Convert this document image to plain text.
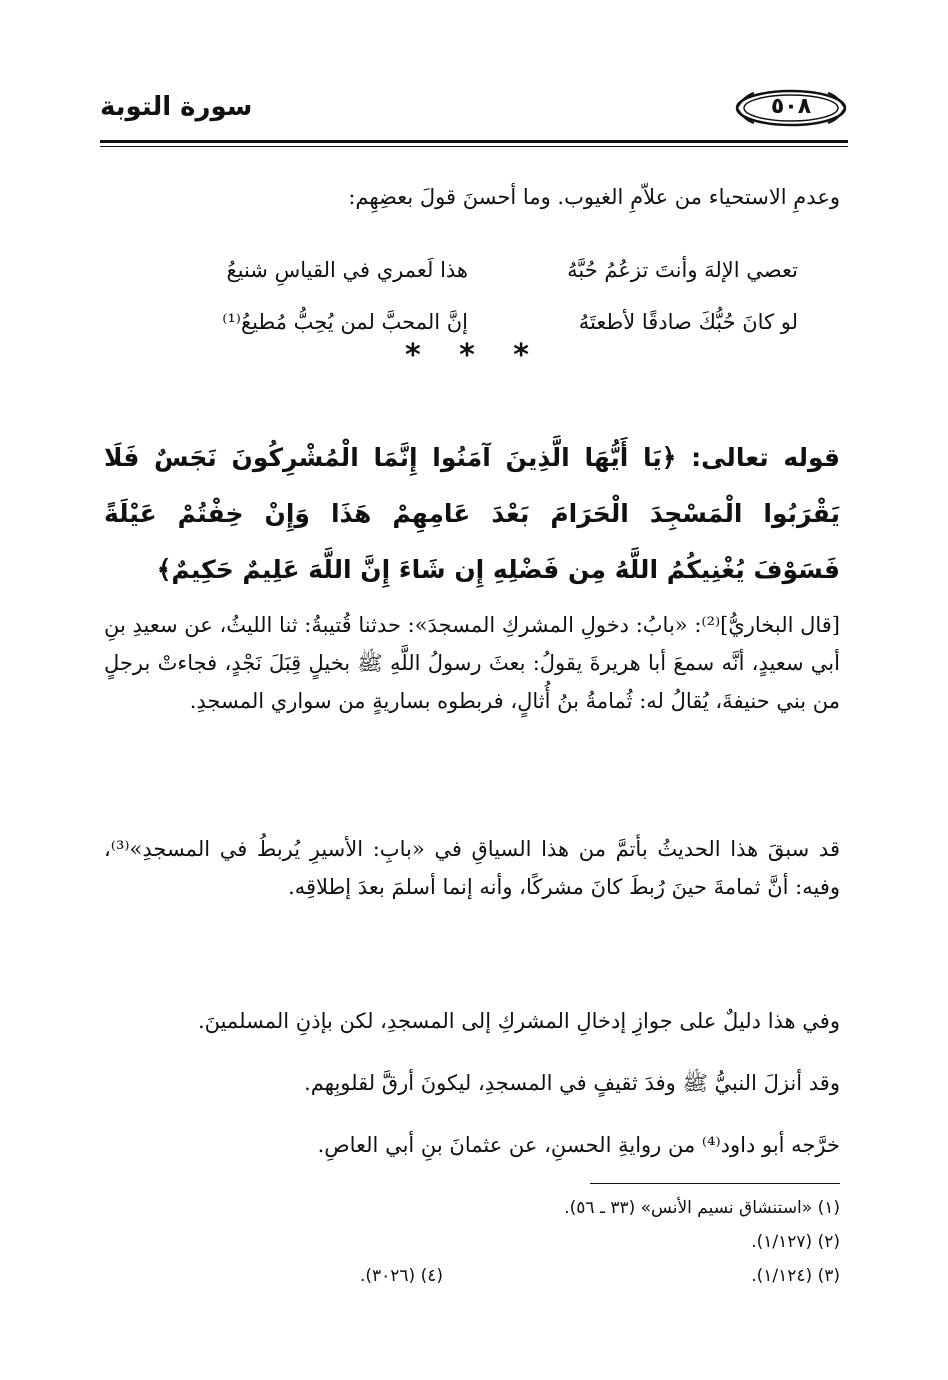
سورة التوبة	٥٠٨
وعدمِ الاستحياء من علاّمِ الغيوب. وما أحسنَ قولَ بعضِهِم:
تعصي الإلهَ وأنتَ تزعُمُ حُبَّهُ
هذا لَعمري في القياسِ شنيعُ
لو كانَ حُبُّكَ صادقًا لأطعتَهُ
إنَّ المحبَّ لمن يُحِبُّ مُطيعُ⁽¹⁾
* * *
قوله تعالى: ﴿يَا أَيُّهَا الَّذِينَ آمَنُوا إِنَّمَا الْمُشْرِكُونَ نَجَسٌ فَلَا
يَقْرَبُوا الْمَسْجِدَ الْحَرَامَ بَعْدَ عَامِهِمْ هَذَا وَإِنْ خِفْتُمْ عَيْلَةً
فَسَوْفَ يُغْنِيكُمُ اللَّهُ مِن فَضْلِهِ إِن شَاءَ إِنَّ اللَّهَ عَلِيمٌ حَكِيمٌ﴾
[قال البخاريُّ]⁽²⁾: «بابُ: دخولِ المشركِ المسجدَ»: حدثنا قُتيبةُ: ثنا الليثُ، عن سعيدِ بنِ أبي سعيدٍ، أنَّه سمعَ أبا هريرةَ يقولُ: بعثَ رسولُ اللَّهِ ﷺ بخيلٍ قِبَلَ نَجْدٍ، فجاءتْ برجلٍ من بني حنيفةَ، يُقالُ له: ثُمامةُ بنُ أُثالٍ، فربطوه بساريةٍ من سواري المسجدِ.
قد سبقَ هذا الحديثُ بأتمَّ من هذا السياقِ في «بابِ: الأسيرِ يُربطُ في المسجدِ»⁽³⁾، وفيه: أنَّ ثمامةَ حينَ رُبطَ كانَ مشركًا، وأنه إنما أسلمَ بعدَ إطلاقِه.
وفي هذا دليلٌ على جوازِ إدخالِ المشركِ إلى المسجدِ، لكن بإذنِ المسلمينَ.
وقد أنزلَ النبيُّ ﷺ وفدَ ثقيفٍ في المسجدِ، ليكونَ أرقَّ لقلوبِهم.
خرَّجه أبو داود⁽⁴⁾ من روايةِ الحسنِ، عن عثمانَ بنِ أبي العاصِ.
(١) «استنشاق نسيم الأنس» (٣٣ ـ ٥٦).
(٢) (١/١٢٧).
(٣) (١/١٢٤).
(٤) (٣٠٢٦).
